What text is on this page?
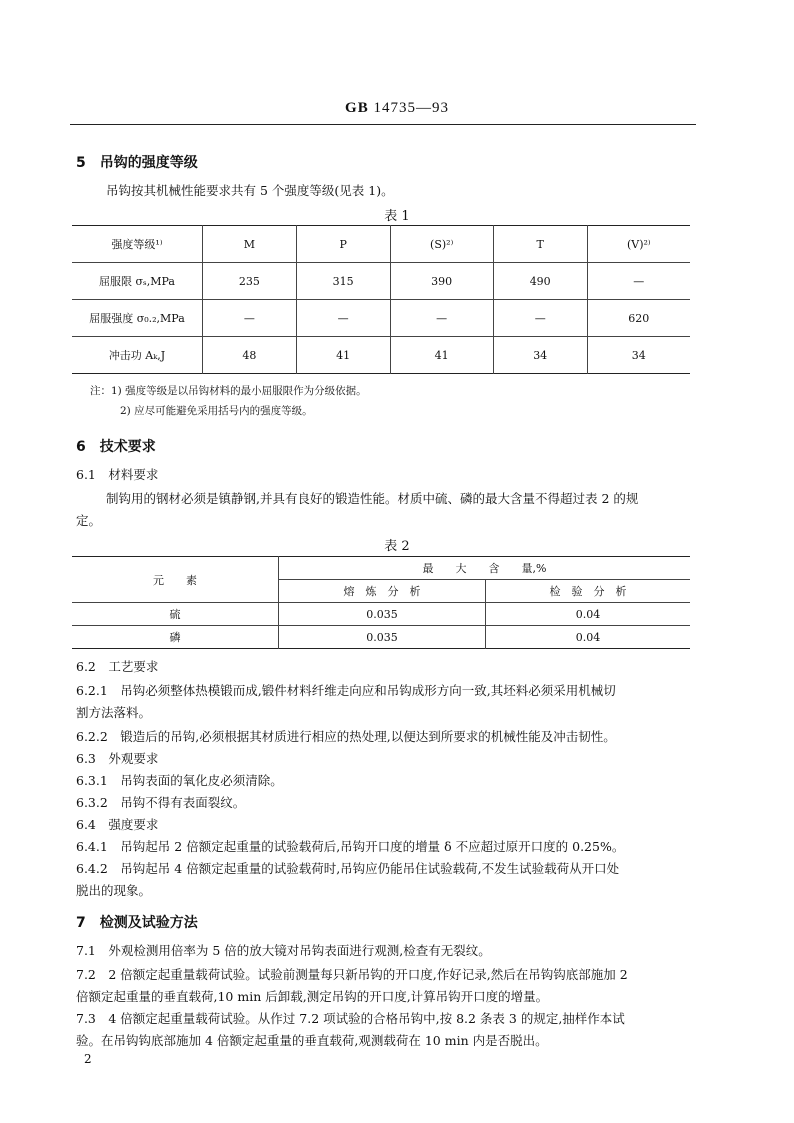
GB 14735—93
5　吊钩的强度等级
吊钩按其机械性能要求共有 5 个强度等级(见表 1)。
表 1
强度等级¹⁾	M	P	(S)²⁾	T	(V)²⁾
屈服限 σₛ,MPa	235	315	390	490	—
屈服强度 σ₀.₂,MPa	—	—	—	—	620
冲击功 Aₖ,J	48	41	41	34	34
注：1) 强度等级是以吊钩材料的最小屈服限作为分级依据。
2) 应尽可能避免采用括号内的强度等级。
6　技术要求
6.1　材料要求
制钩用的钢材必须是镇静钢,并具有良好的锻造性能。材质中硫、磷的最大含量不得超过表 2 的规
定。
表 2
元　　素	最　　大　　含　　量,%	
	熔　炼　分　析	检　验　分　析
硫	0.035	0.04
磷	0.035	0.04
6.2　工艺要求
6.2.1　吊钩必须整体热模锻而成,锻件材料纤维走向应和吊钩成形方向一致,其坯料必须采用机械切
割方法落料。
6.2.2　锻造后的吊钩,必须根据其材质进行相应的热处理,以便达到所要求的机械性能及冲击韧性。
6.3　外观要求
6.3.1　吊钩表面的氧化皮必须清除。
6.3.2　吊钩不得有表面裂纹。
6.4　强度要求
6.4.1　吊钩起吊 2 倍额定起重量的试验载荷后,吊钩开口度的增量 δ 不应超过原开口度的 0.25%。
6.4.2　吊钩起吊 4 倍额定起重量的试验载荷时,吊钩应仍能吊住试验载荷,不发生试验载荷从开口处
脱出的现象。
7　检测及试验方法
7.1　外观检测用倍率为 5 倍的放大镜对吊钩表面进行观测,检查有无裂纹。
7.2　2 倍额定起重量载荷试验。试验前测量每只新吊钩的开口度,作好记录,然后在吊钩钩底部施加 2
倍额定起重量的垂直载荷,10 min 后卸载,测定吊钩的开口度,计算吊钩开口度的增量。
7.3　4 倍额定起重量载荷试验。从作过 7.2 项试验的合格吊钩中,按 8.2 条表 3 的规定,抽样作本试
验。在吊钩钩底部施加 4 倍额定起重量的垂直载荷,观测载荷在 10 min 内是否脱出。
2
